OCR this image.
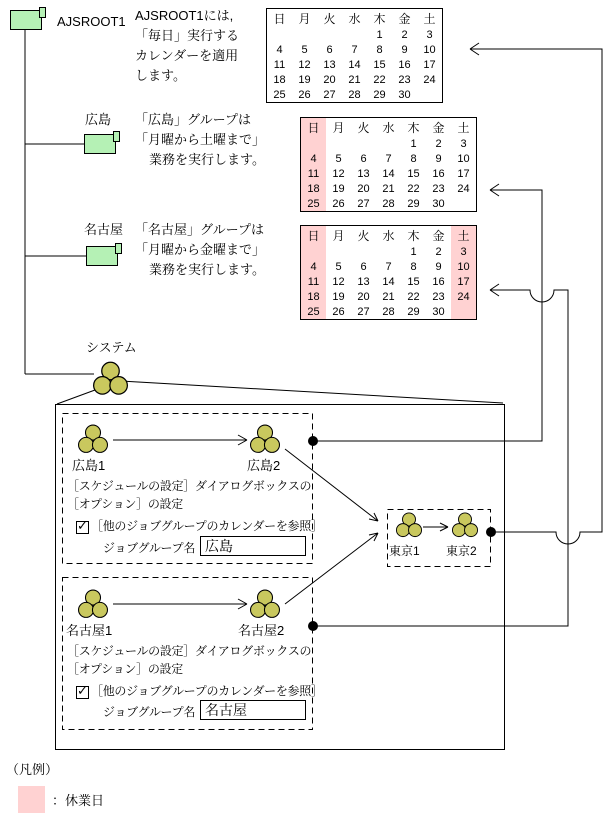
AJSROOT1 AJSROOT1には,
「毎日」実行する
カレンダーを適用
します。
日	月	火	水	木	金	土
				1	2	3
4	5	6	7	8	9	10
11	12	13	14	15	16	17
18	19	20	21	22	23	24
25	26	27	28	29	30	
広島 「広島」グループは
「月曜から土曜まで」
業務を実行します。
日	月	火	水	木	金	土
				1	2	3
4	5	6	7	8	9	10
11	12	13	14	15	16	17
18	19	20	21	22	23	24
25	26	27	28	29	30	
名古屋 「名古屋」グループは
「月曜から金曜まで」
業務を実行します。
日	月	火	水	木	金	土
				1	2	3
4	5	6	7	8	9	10
11	12	13	14	15	16	17
18	19	20	21	22	23	24
25	26	27	28	29	30	
システム
広島1	広島2
［スケジュールの設定］ダイアログボックスの
［オプション］の設定
✓
［他のジョブグループのカレンダーを参照］
ジョブグループ名 広島
名古屋1	名古屋2
［スケジュールの設定］ダイアログボックスの
［オプション］の設定
✓
［他のジョブグループのカレンダーを参照］
ジョブグループ名 名古屋
東京1 東京2
（凡例）
：休業日
